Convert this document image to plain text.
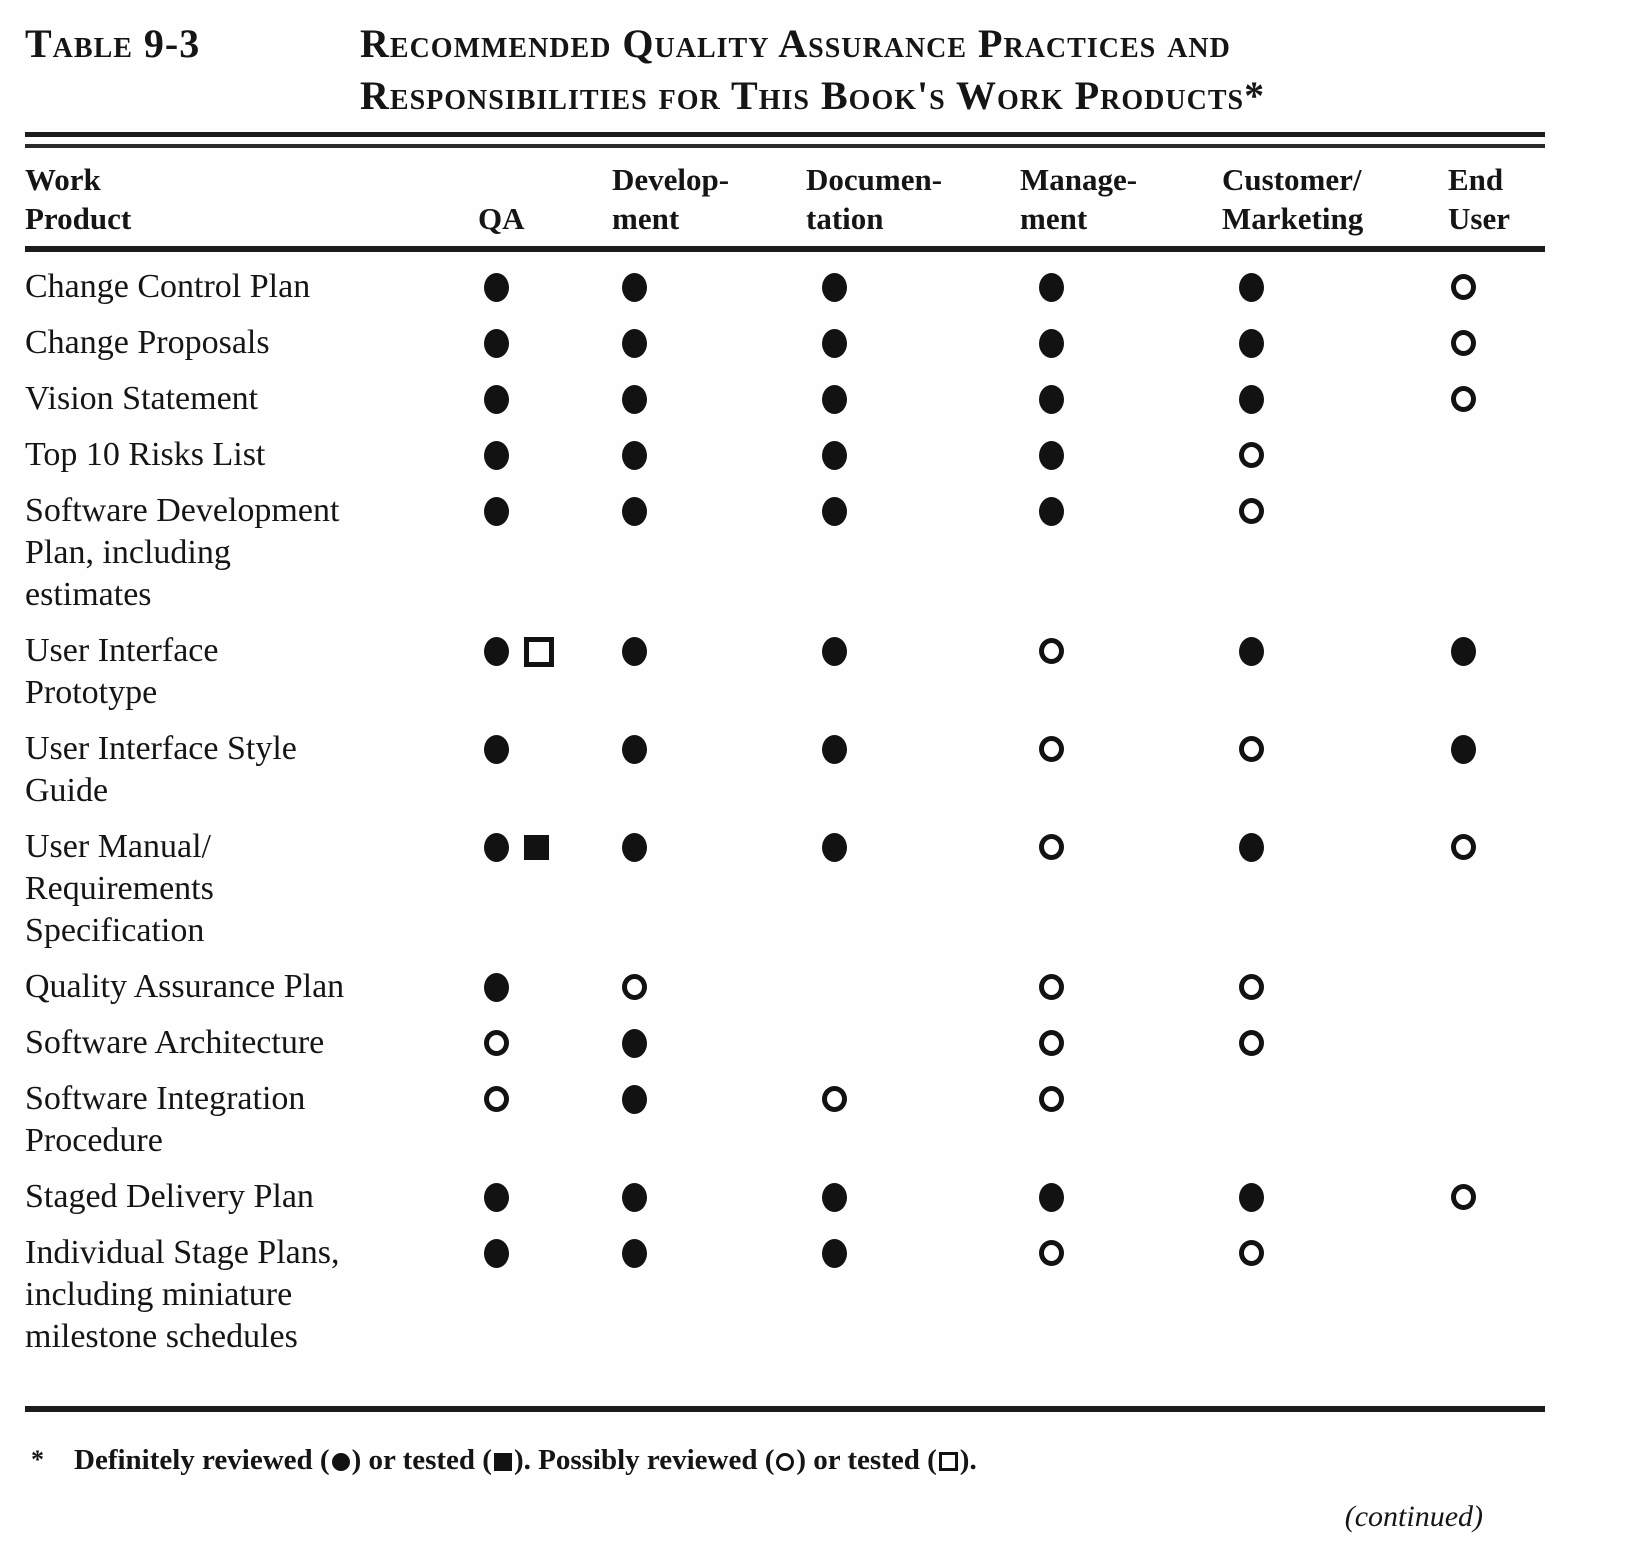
Table 9-3	Recommended Quality Assurance Practices and
Responsibilities for This Book's Work Products*
Work
Product
	QA
Develop-
ment
Documen-
tation
Manage-
ment
Customer/
Marketing
End
User
Change Control Plan
Change Proposals
Vision Statement
Top 10 Risks List
Software Development
Plan, including
estimates
User Interface
Prototype
User Interface Style
Guide
User Manual/
Requirements
Specification
Quality Assurance Plan
Software Architecture
Software Integration
Procedure
Staged Delivery Plan
Individual Stage Plans,
including miniature
milestone schedules
* Definitely reviewed ( ) or tested ( ). Possibly reviewed ( ) or tested ( ).
(continued)
